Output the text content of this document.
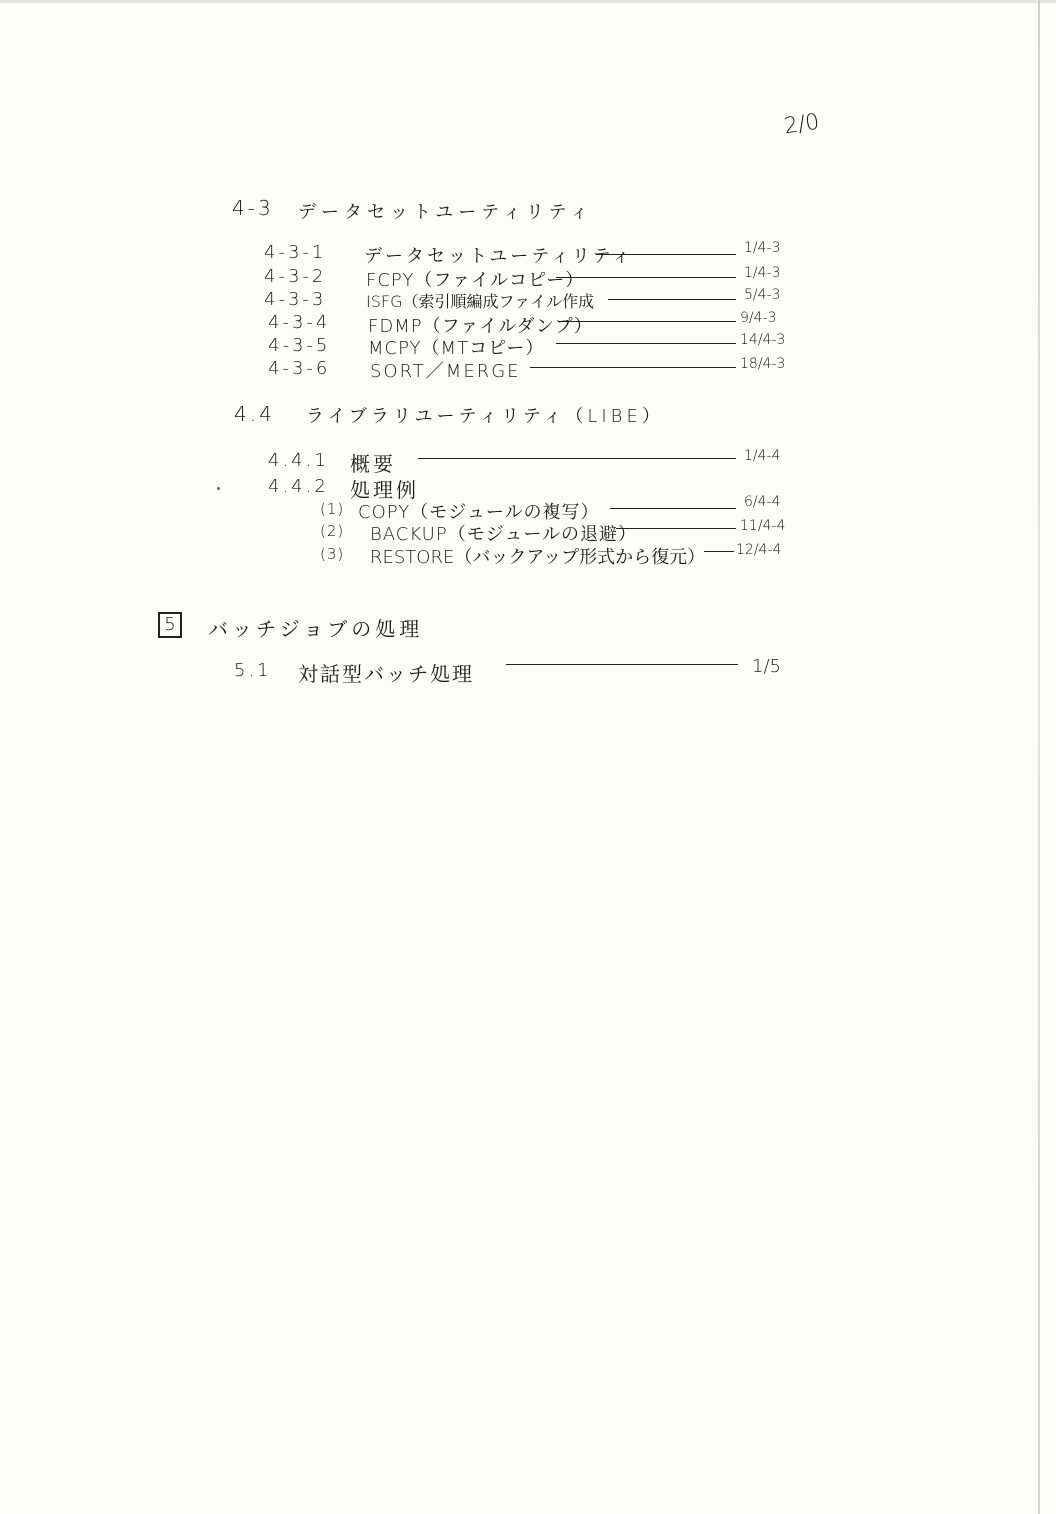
2/0
4-3 データセットユーティリティ
4-3-1 データセットユーティリティ	1/4-3
4-3-2 FCPY（ファイルコピー）	1/4-3
4-3-3 ISFG（索引順編成ファイル作成	5/4-3
4-3-4 FDMP（ファイルダンプ）	9/4-3
4-3-5 MCPY（MTコピー）	14/4-3
4-3-6 SORT／MERGE	18/4-3
4.4 ライブラリユーティリティ（LIBE）
4.4.1 概要	1/4-4
4.4.2 処理例
(1) COPY（モジュールの複写）	6/4-4
(2) BACKUP（モジュールの退避）	11/4-4
(3) RESTORE（バックアップ形式から復元） 12/4-4
5	バッチジョブの処理
5.1 対話型バッチ処理	1/5
